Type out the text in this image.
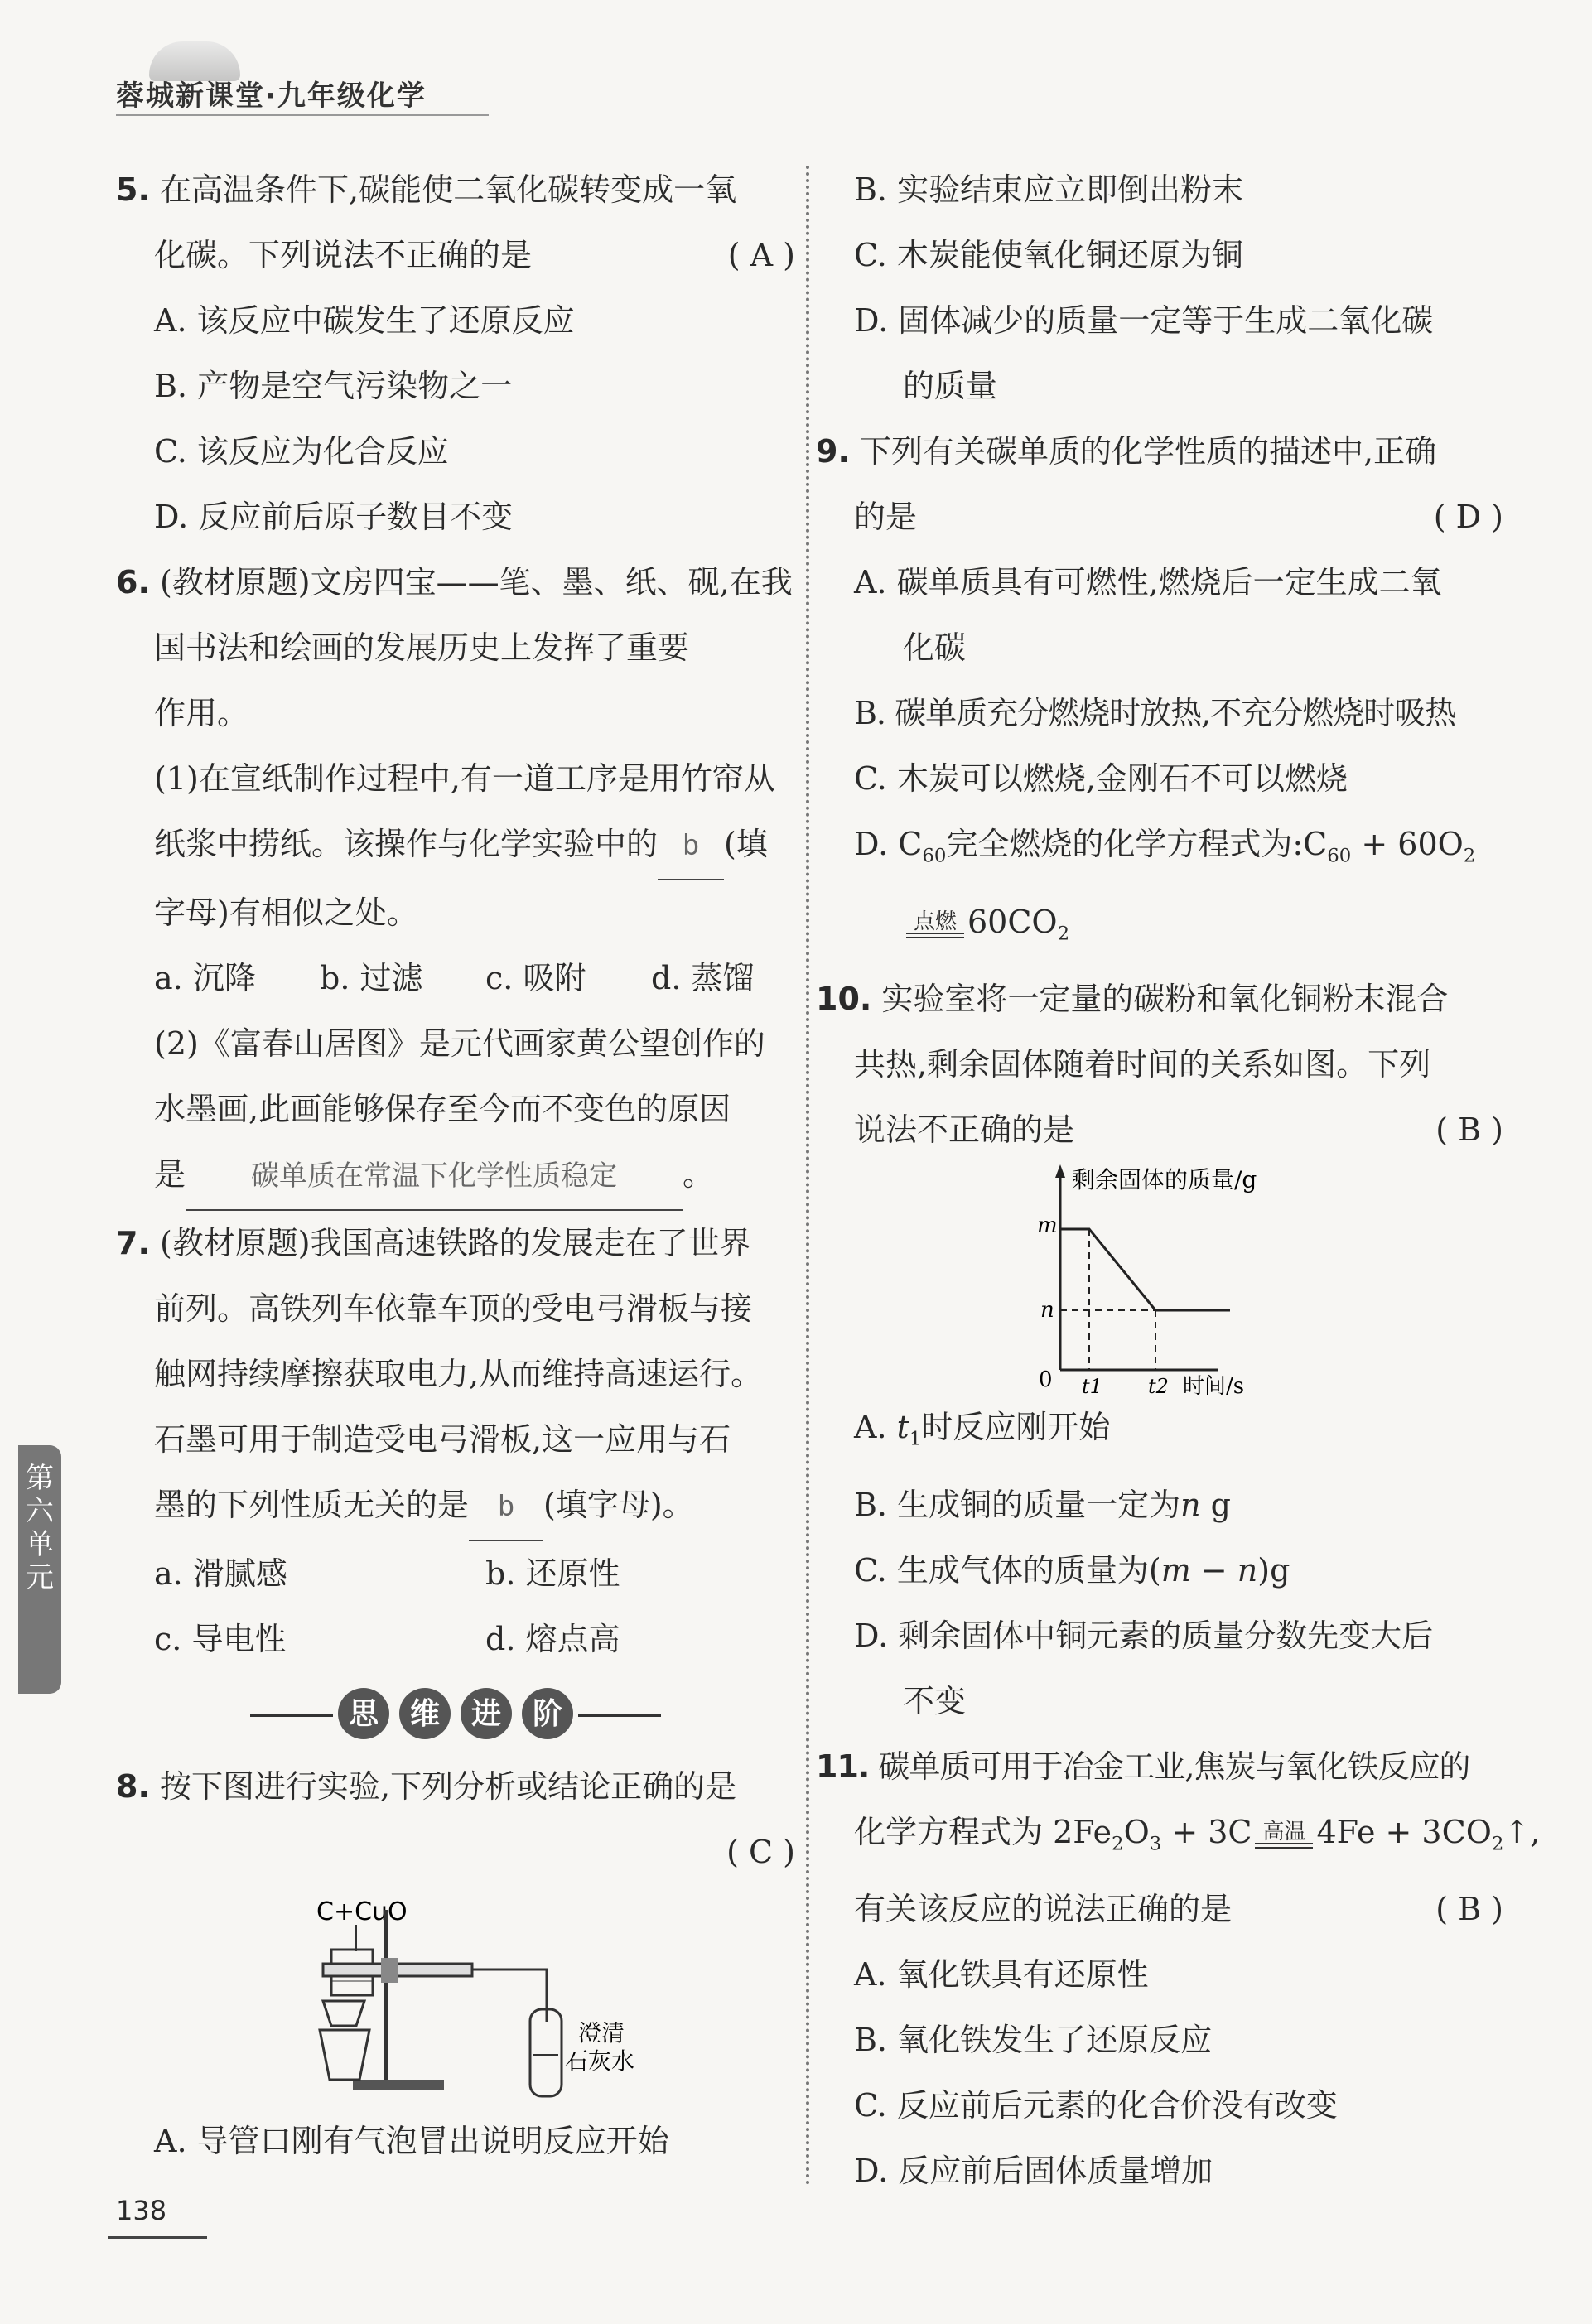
蓉城新课堂·九年级化学
第六单元
5. 在高温条件下,碳能使二氧化碳转变成一氧
化碳。下列说法不正确的是	( A )
A. 该反应中碳发生了还原反应
B. 产物是空气污染物之一
C. 该反应为化合反应
D. 反应前后原子数目不变
6. (教材原题)文房四宝——笔、墨、纸、砚,在我
国书法和绘画的发展历史上发挥了重要
作用。
(1)在宣纸制作过程中,有一道工序是用竹帘从
纸浆中捞纸。该操作与化学实验中的 b (填
字母)有相似之处。
a. 沉降 b. 过滤 c. 吸附 d. 蒸馏
(2)《富春山居图》是元代画家黄公望创作的
水墨画,此画能够保存至今而不变色的原因
是 碳单质在常温下化学性质稳定 。
7. (教材原题)我国高速铁路的发展走在了世界
前列。高铁列车依靠车顶的受电弓滑板与接
触网持续摩擦获取电力,从而维持高速运行。
石墨可用于制造受电弓滑板,这一应用与石
墨的下列性质无关的是 b (填字母)。
a. 滑腻感	b. 还原性
c. 导电性	d. 熔点高
思 维 进 阶
8. 按下图进行实验,下列分析或结论正确的是
( C )
C+CuO
澄清
石灰水
A. 导管口刚有气泡冒出说明反应开始
B. 实验结束应立即倒出粉末
C. 木炭能使氧化铜还原为铜
D. 固体减少的质量一定等于生成二氧化碳
的质量
9. 下列有关碳单质的化学性质的描述中,正确
的是	( D )
A. 碳单质具有可燃性,燃烧后一定生成二氧
化碳
B. 碳单质充分燃烧时放热,不充分燃烧时吸热
C. 木炭可以燃烧,金刚石不可以燃烧
D. $C_{60}$完全燃烧的化学方程式为$:C_{60} + 60O_2$
点燃 $60CO_2$
10. 实验室将一定量的碳粉和氧化铜粉末混合
共热,剩余固体随着时间的关系如图。下列
说法不正确的是	( B )
剩余固体的质量/g
m
n
0 t1 t2 时间/s
A. $t_1$时反应刚开始
B. 生成铜的质量一定为n g
C. 生成气体的质量为(m − n)g
D. 剩余固体中铜元素的质量分数先变大后
不变
11. 碳单质可用于冶金工业,焦炭与氧化铁反应的
化学方程式为 $2Fe_2O_3 + 3C$ 高温 $4Fe + 3CO_2↑$,
有关该反应的说法正确的是	( B )
A. 氧化铁具有还原性
B. 氧化铁发生了还原反应
C. 反应前后元素的化合价没有改变
D. 反应前后固体质量增加
138
